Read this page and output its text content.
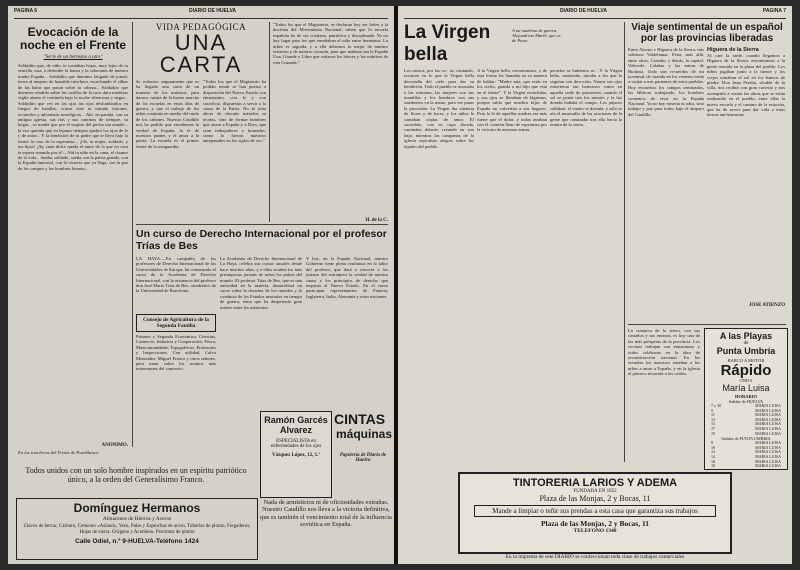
PAGINA 6	DIARIO DE HUELVA
Evocación de la noche en el Frente
"Serie de un hermano a otro"

Soldadito que, de niño, te contaban hojas, muy lejos de tu sencilla casa, a defender la honra y la soberanía de nuestra madre España... Soldadito que duermes fatigado de jornal, tierra al amparo de humilde trinchera, escuchando el silbar de las balas que pasan sobre tu cabeza... Soldadito que duermes rendido sobre las casillas de la roca dura mientras vigila atento el centinela bajo la noche silenciosa y negra... Soldadito que ves en las ojas tus ojos deslumbrados en fuegos de batallas, cruzar ante tu mirada visiones, recuerdos y añoranzas nostálgicas... Ahí, en parada, con su antigua iglesia, sus rías y sus caminos de siempre, su hogar... tu madre que por el sospiro del pecho tan amado... la voz querida que en lejanos tiempos quebró los ojos de fe y de amor... Y la bendición de tu padre que te lleva bajo la frente la cruz de la esperanza... ¡Oh, tu mujer, soldado, y tus hijos! ¡Ay, cuán dulce queda el amor de la que en casa te espera rezando por ti!... Ahí tu niño en la cuna, el clamor de la vida... Sueña, soldado, sueña con la patria grande, con la España inmortal, con la victoria que ya llega, con la paz de los campos y los hombres buenos...

ANONIMO.
En las trincheras del Frente de Pozoblanco.
VIDA PEDAGÓGICA
UNA CARTA

Sr. redactor: seguramente que os ha llegado una carta de un maestro de los nuestros, para darnos cuenta de la buena marcha de las escuelas en estos días de guerra, y que el trabajo de los niños continúa en medio del ruido de los cañones. Nuestro Caudillo nos ha pedido que enseñemos la verdad de España, la fe de nuestros padres y el amor a la patria. La escuela es el primer frente de la retaguardia.

"Todos los que el Magisterio ha podido reunir se han puesto a disposición del Nuevo Estado con entusiasmo, con fe y con sacrificio, dispuestos a servir a la causa de la Patria. No se trata ahora de discutir métodos ni teorías, sino de formar hombres que amen a España y a Dios, que sean trabajadores y honrados, como lo fueron nuestros antepasados en los siglos de oro."

"Todos los que el Magisterio, se declaran hoy ser fieles a la doctrina del Movimiento Nacional, saben que la escuela española ha de ser cristiana, patriótica y disciplinada. Ya no hay lugar para los que enseñaban el odio entre hermanos. La niñez es sagrada, y a ella debemos lo mejor de nuestro esfuerzo y de nuestro corazón, para que mañana sea la España Una, Grande y Libre que soñaron los héroes y los mártires de esta Cruzada."

H. de la C.
Un curso de Derecho Internacional por el profesor Trías de Bes

LA HAYA.—En compañía de los profesores de Derecho Internacional de las Universidades de Europa, ha comenzado el curso de la Academia de Derecho Internacional, con la asistencia del profesor don José María Trías de Bes, catedrático de la Universidad de Barcelona.

Consejo de Agricultura de la Segunda Familia

Primero y Segunda Económica. Ciencias, Comercio, Industria y Cooperación, Pesca, Mancomunidades Topográficas, Profesores y Inspecciones. Con utilidad, Calvo Menendez, Miguel Franco y otros señores, para tratar sobre los asuntos más interesantes del comercio.

La Academia de Derecho Internacional de La Haya, celebra sus cursos anuales desde hace muchos años, y a ellos acuden los más prestigiosos juristas de todos los países del mundo. El profesor Trías de Bes, que es una autoridad en la materia, desarrollará un curso sobre la doctrina de los tratados y la conducta de los Estados neutrales en tiempo de guerra, tema que ha despertado gran interés entre los asistentes.

Y hoy, en la España Nacional, nuestro Gobierno tiene plena confianza en la labor del profesor, que dará a conocer a los juristas del extranjero la verdad de nuestra causa y los principios de derecho que inspiran al Nuevo Estado. En el curso participan representantes de Francia, Inglaterra, Italia, Alemania y otras naciones.

Ramón Garcés Alvarez
ESPECIALISTA en
enfermedades de los ojos
Vázquez López, 12, 1.º
CINTAS
máquinas
Papelería de Diario de Huelva
Todos unidos con un solo hombre inspirados en un espíritu patriótico único, a la orden del Generalísimo Franco.
Domínguez Hermanos
Almacenes de Hierros y Aceros
Clavos de herrar, Carburo, Cemento «Asland», Yeso, Palas y Espiochas de acero, Tuberías de plomo, Fregaderos, Hojas de sierra. Oxígeno y Acetileno. Precintos de plomo
Calle Odiel, n.º 9-HUELVA-Teléfono 1424
Nada de armisticios ni de oficiosidades extrañas. Nuestro Caudillo nos lleva a la victoria definitiva, que es también el vencimiento total de la influencia soviética en España.
DIARIO DE HUELVA	PAGINA 7
La Virgen bella
A mi madrina de guerra, Alejandrina Mariñ, que es de Pena.

Los mozos, por las ca-, as, cantando, recorren en lo que la Virgen bella descendía del cielo para dar su bendición. Todo el pueblo se asomaba a las ventanas, las mujeres con sus mantillas y los hombres con sus sombreros en la mano, para ver pasar la procesión. La Virgen iba cubierta de flores y de luces, y los niños le cantaban coplas de amor. El sacerdote, con su capa dorada, caminaba delante, rezando en voz baja, mientras las campanas de la iglesia repicaban alegres sobre los tejados del pueblo.

A la Virgen bella, encontramos, y de esta forma les llamaba en su manera de hablar: "Madre mía, que estás en los cielos, guarda a mi hijo que está en el frente". Y la Virgen escuchaba, y sus ojos se llenaban de lágrimas, porque sabía que muchos hijos de España no volverían a sus hogares. Pero la fe de aquellas madres era más fuerte que el dolor, y todas rezaban con el corazón lleno de esperanza por la victoria de nuestras armas.

pecados se hubiesen re... Y la Virgen bella, sonriendo, miraba a los que la seguían con devoción. Nunca sus ojos estuvieron tan hermosos como en aquella tarde de primavera, cuando el sol se ponía tras los montes y la luz dorada bañaba el campo. Los pájaros callaban, el viento se detenía, y sólo se oía el murmullo de las oraciones de la gente que caminaba tras ella hacia la ermita de la sierra.

Viaje sentimental de un español por las provincias liberadas

Entre Alosno e Higuera de la Sierra, mis sobrinos Valdelamar, Pena, más allá, entre otros, Castaño, y detrás, la capital: Valverde, Calañas y las minas de Riotinto. Todo son recuerdos de mi juventud, de cuando en los veranos venía a visitar a mis parientes de estos pueblos. Hoy encuentro los campos sembrados, las fábricas trabajando, los hombres contentos de vivir en la España Nacional. Ya no hay miseria ni odio, sino trabajo y paz para todos bajo el amparo del Caudillo.

Higuera de la Sierra

Al caer la tarde, cuando llegamos a Higuera de la Sierra, encontramos a la gente reunida en la plaza del pueblo. Los niños jugaban junto a la fuente y los viejos tomaban el sol en los bancos de piedra. Don Juan Peralta, alcalde de la villa, nos recibió con gran cortesía y nos acompañó a visitar las obras que se están realizando en el pueblo, entre ellas la nueva escuela y el camino de la estación, que ha de servir para dar vida a estas tierras tan hermosas.

JOSE ATIENZO
A las Playas
de
Punta Umbría
BARCO A MOTOR
Rápido
ONDA
María Luisa
HORARIO
Salidas de HUELVA
7 y 30	MARIA LUISA
9	MARIA LUISA
11	MARIA LUISA
13	MARIA LUISA
15	MARIA LUISA
17	MARIA LUISA
19	MARIA LUISA
Salidas de PUNTA UMBRIA
8	MARIA LUISA
10	MARIA LUISA
12	MARIA LUISA
14	MARIA LUISA
16	MARIA LUISA
18	MARIA LUISA

La comarca de la sierra, con sus castaños y sus encinas, es hoy una de las más prósperas de la provincia. Los vecinos trabajan con entusiasmo y todos colaboran en la obra de reconstrucción nacional. En las escuelas los maestros enseñan a los niños a amar a España, y en la iglesia el párroco recuerda a los caídos.

TINTORERIA LARIOS Y ADEMA
FUNDADA EN 1852
Plaza de las Monjas, 2 y Bocas, 11
Mande a limpiar o teñir sus prendas a esta casa que garantiza sus trabajos
Plaza de las Monjas, 2 y Bocas, 11
TELEFONO 1348
En la imprenta de este DIARIO se confeccionan toda clase de trabajos comerciales
